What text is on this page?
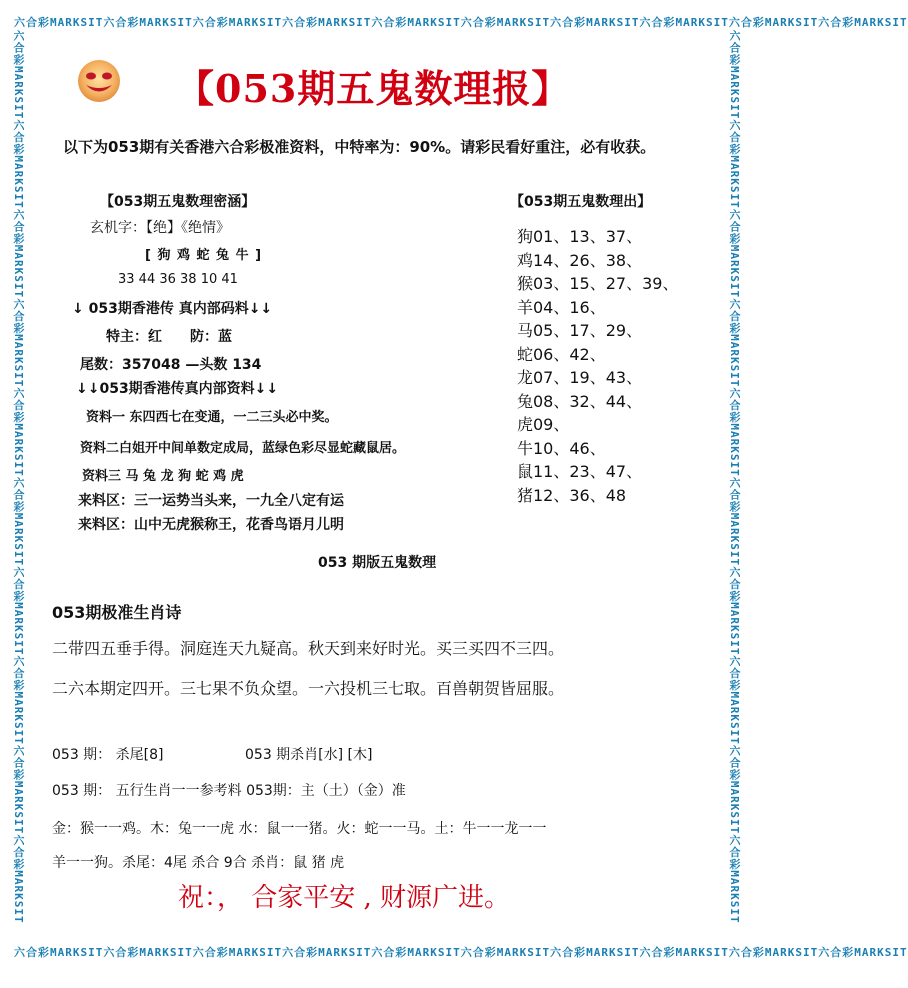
六合彩MARKSIT六合彩MARKSIT六合彩MARKSIT六合彩MARKSIT六合彩MARKSIT六合彩MARKSIT六合彩MARKSIT六合彩MARKSIT六合彩MARKSIT六合彩MARKSIT
六合彩MARKSIT六合彩MARKSIT六合彩MARKSIT六合彩MARKSIT六合彩MARKSIT六合彩MARKSIT六合彩MARKSIT六合彩MARKSIT六合彩MARKSIT六合彩MARKSIT
六合彩MARKSIT六合彩MARKSIT六合彩MARKSIT六合彩MARKSIT六合彩MARKSIT六合彩MARKSIT六合彩MARKSIT六合彩MARKSIT六合彩MARKSIT六合彩MARKSIT	六合彩MARKSIT六合彩MARKSIT六合彩MARKSIT六合彩MARKSIT六合彩MARKSIT六合彩MARKSIT六合彩MARKSIT六合彩MARKSIT六合彩MARKSIT六合彩MARKSIT
【053期五鬼数理报】
以下为053期有关香港六合彩极准资料，中特率为：90%。请彩民看好重注，必有收获。
【053期五鬼数理密涵】
玄机字：【绝】《绝情》
[ 狗 鸡 蛇 兔 牛 ]
33 44 36 38 10 41
↓ 053期香港传 真内部码料↓↓
特主：红　　防：蓝
尾数：357048 —头数 134
↓↓053期香港传真内部资料↓↓
资料一 东四西七在变通，一二三头必中奖。
资料二白姐开中间单数定成局，蓝绿色彩尽显蛇藏鼠居。
资料三 马 兔 龙 狗 蛇 鸡 虎
来料区：三一运势当头来，一九全八定有运
来料区：山中无虎猴称王，花香鸟语月儿明
【053期五鬼数理出】
狗01、13、37、
鸡14、26、38、
猴03、15、27、39、
羊04、16、
马05、17、29、
蛇06、42、
龙07、19、43、
兔08、32、44、
虎09、
牛10、46、
鼠11、23、47、
猪12、36、48
053 期版五鬼数理
053期极准生肖诗
二带四五垂手得。洞庭连天九疑高。秋天到来好时光。买三买四不三四。
二六本期定四开。三七果不负众望。一六投机三七取。百兽朝贺皆屈服。
053 期： 杀尾[8]	053 期杀肖[水] [木]
053 期： 五行生肖一一参考料 053期：主（土）（金）准
金：猴一一鸡。木：兔一一虎 水：鼠一一猪。火：蛇一一马。土：牛一一龙一一
羊一一狗。杀尾：4尾 杀合 9合 杀肖：鼠 猪 虎
祝：， 合家平安 , 财源广进。
